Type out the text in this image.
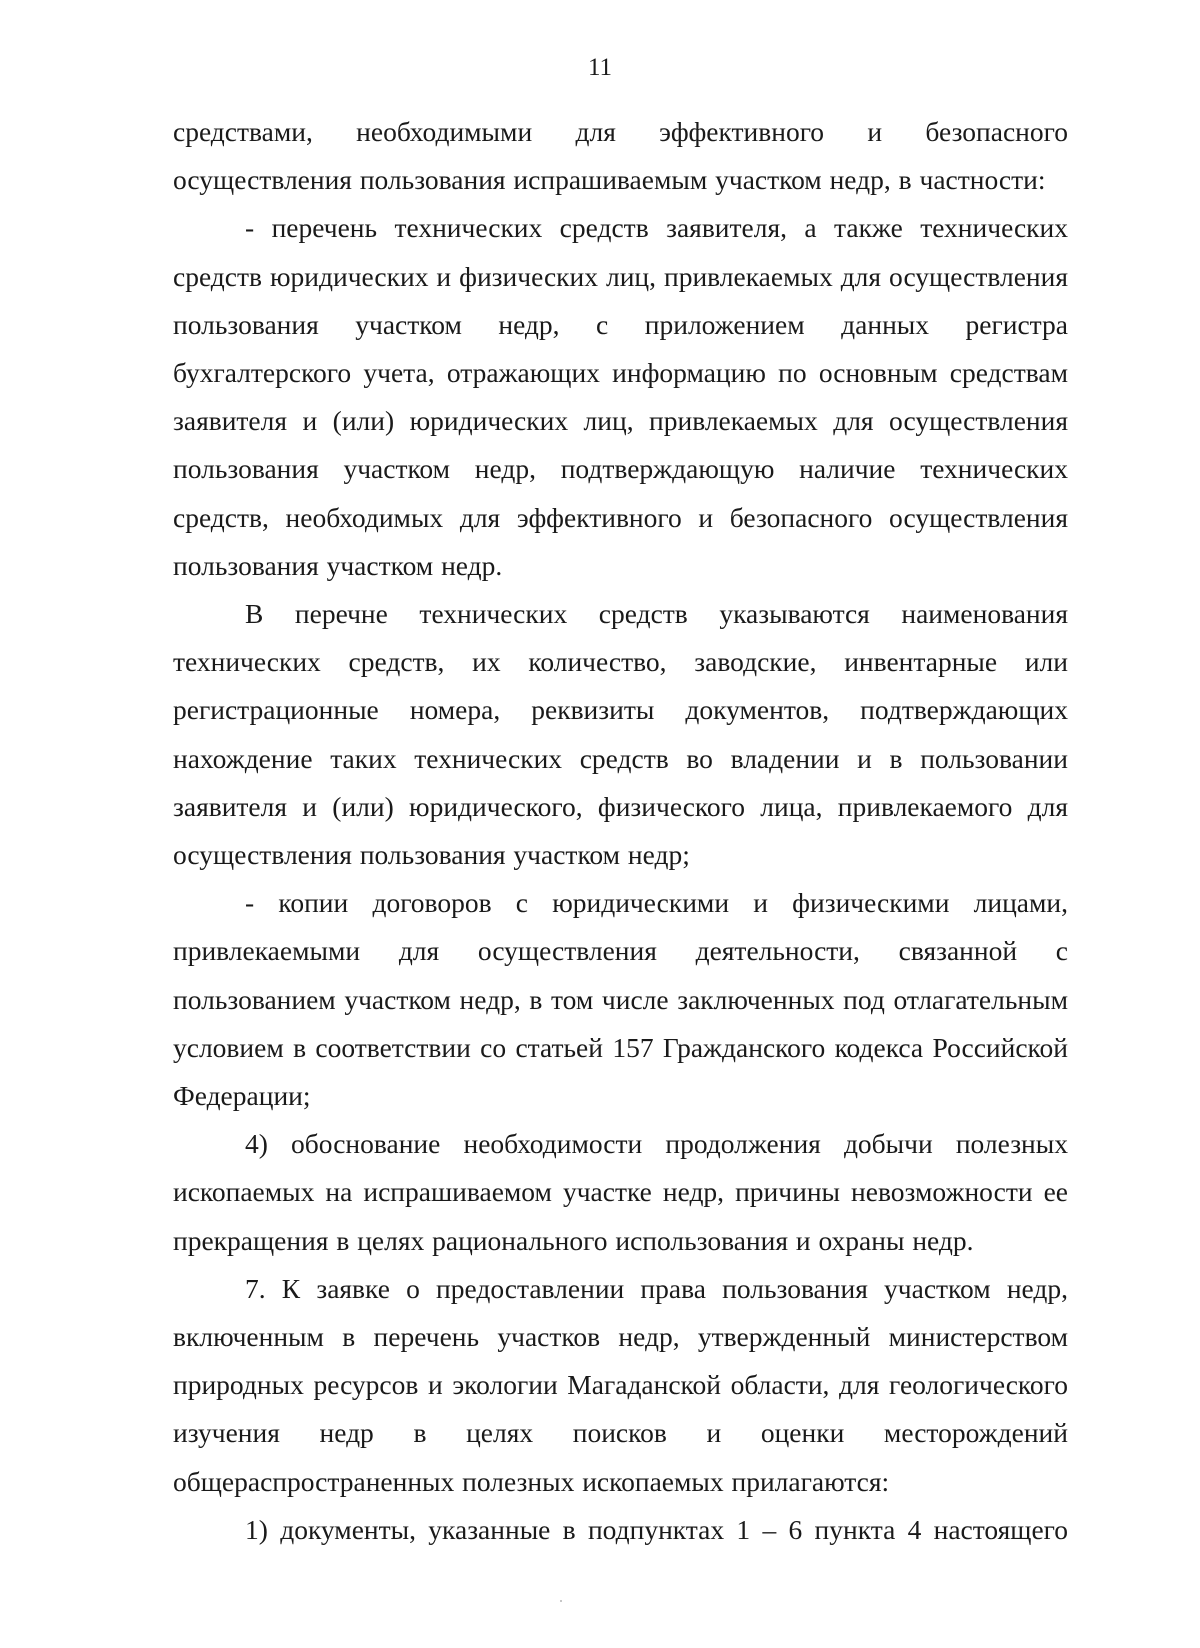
11

средствами, необходимыми для эффективного и безопасного осуществления пользования испрашиваемым участком недр, в частности:

- перечень технических средств заявителя, а также технических средств юридических и физических лиц, привлекаемых для осуществления пользования участком недр, с приложением данных регистра бухгалтерского учета, отражающих информацию по основным средствам заявителя и (или) юридических лиц, привлекаемых для осуществления пользования участком недр, подтверждающую наличие технических средств, необходимых для эффективного и безопасного осуществления пользования участком недр.

В перечне технических средств указываются наименования технических средств, их количество, заводские, инвентарные или регистрационные номера, реквизиты документов, подтверждающих нахождение таких технических средств во владении и в пользовании заявителя и (или) юридического, физического лица, привлекаемого для осуществления пользования участком недр;

- копии договоров с юридическими и физическими лицами, привлекаемыми для осуществления деятельности, связанной с пользованием участком недр, в том числе заключенных под отлагательным условием в соответствии со статьей 157 Гражданского кодекса Российской Федерации;

4) обоснование необходимости продолжения добычи полезных ископаемых на испрашиваемом участке недр, причины невозможности ее прекращения в целях рационального использования и охраны недр.

7. К заявке о предоставлении права пользования участком недр, включенным в перечень участков недр, утвержденный министерством природных ресурсов и экологии Магаданской области, для геологического изучения недр в целях поисков и оценки месторождений общераспространенных полезных ископаемых прилагаются:

1) документы, указанные в подпунктах 1 – 6 пункта 4 настоящего
